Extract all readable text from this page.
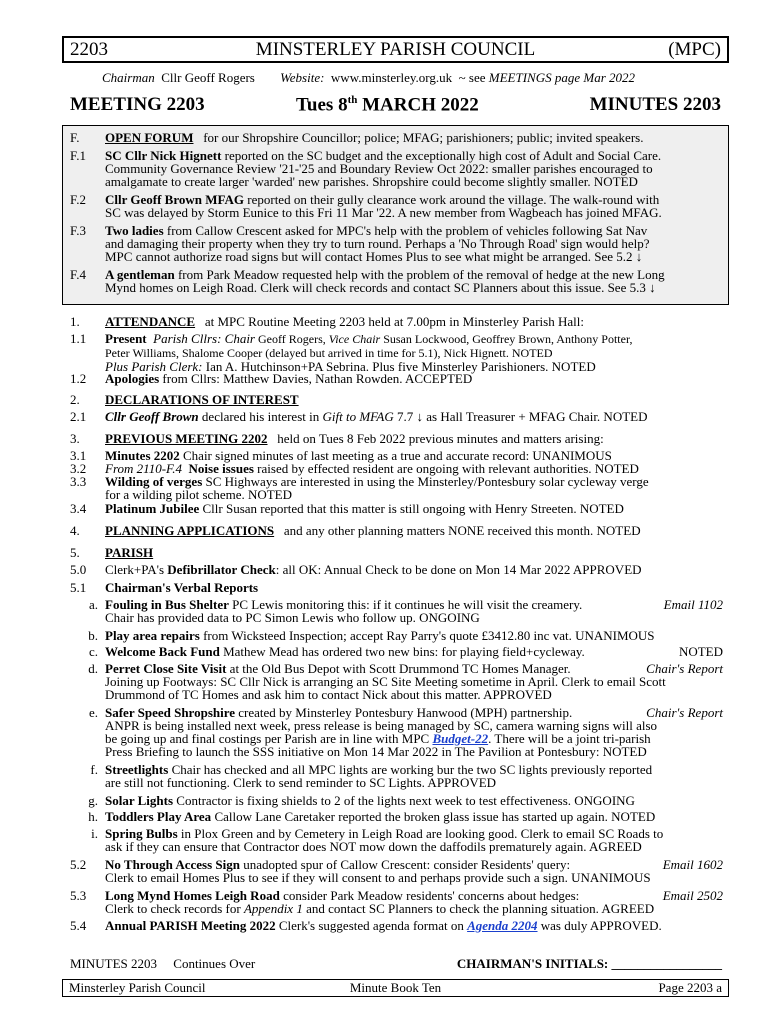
2203	MINSTERLEY PARISH COUNCIL	(MPC)
Chairman Cllr Geoff Rogers Website: www.minsterley.org.uk ~ see MEETINGS page Mar 2022
MEETING 2203	Tues 8th MARCH 2022	MINUTES 2203
F.	OPEN FORUM for our Shropshire Councillor; police; MFAG; parishioners; public; invited speakers.
F.1	SC Cllr Nick Hignett reported on the SC budget and the exceptionally high cost of Adult and Social Care.
Community Governance Review '21-'25 and Boundary Review Oct 2022: smaller parishes encouraged to
amalgamate to create larger 'warded' new parishes. Shropshire could become slightly smaller. NOTED
F.2	Cllr Geoff Brown MFAG reported on their gully clearance work around the village. The walk-round with
SC was delayed by Storm Eunice to this Fri 11 Mar '22. A new member from Wagbeach has joined MFAG.
F.3	Two ladies from Callow Crescent asked for MPC's help with the problem of vehicles following Sat Nav
and damaging their property when they try to turn round. Perhaps a 'No Through Road' sign would help?
MPC cannot authorize road signs but will contact Homes Plus to see what might be arranged. See 5.2 ↓
F.4	A gentleman from Park Meadow requested help with the problem of the removal of hedge at the new Long
Mynd homes on Leigh Road. Clerk will check records and contact SC Planners about this issue. See 5.3 ↓
1.	ATTENDANCE at MPC Routine Meeting 2203 held at 7.00pm in Minsterley Parish Hall:
1.1	Present Parish Cllrs: Chair Geoff Rogers, Vice Chair Susan Lockwood, Geoffrey Brown, Anthony Potter,
Peter Williams, Shalome Cooper (delayed but arrived in time for 5.1), Nick Hignett. NOTED
Plus Parish Clerk: Ian A. Hutchinson+PA Sebrina. Plus five Minsterley Parishioners. NOTED
1.2	Apologies from Cllrs: Matthew Davies, Nathan Rowden. ACCEPTED
2.	DECLARATIONS OF INTEREST
2.1	Cllr Geoff Brown declared his interest in Gift to MFAG 7.7 ↓ as Hall Treasurer + MFAG Chair. NOTED
3.	PREVIOUS MEETING 2202 held on Tues 8 Feb 2022 previous minutes and matters arising:
3.1	Minutes 2202 Chair signed minutes of last meeting as a true and accurate record: UNANIMOUS
3.2	From 2110-F.4 Noise issues raised by effected resident are ongoing with relevant authorities. NOTED
3.3	Wilding of verges SC Highways are interested in using the Minsterley/Pontesbury solar cycleway verge
for a wilding pilot scheme. NOTED
3.4	Platinum Jubilee Cllr Susan reported that this matter is still ongoing with Henry Streeten. NOTED
4.	PLANNING APPLICATIONS and any other planning matters NONE received this month. NOTED
5.	PARISH
5.0	Clerk+PA's Defibrillator Check: all OK: Annual Check to be done on Mon 14 Mar 2022 APPROVED
5.1	Chairman's Verbal Reports
a. Fouling in Bus Shelter PC Lewis monitoring this: if it continues he will visit the creamery.	Email 1102

Chair has provided data to PC Simon Lewis who follow up. ONGOING
b. Play area repairs from Wicksteed Inspection; accept Ray Parry's quote £3412.80 inc vat. UNANIMOUS
c. Welcome Back Fund Mathew Mead has ordered two new bins: for playing field+cycleway.	NOTED
d. Perret Close Site Visit at the Old Bus Depot with Scott Drummond TC Homes Manager.	Chair's Report

Joining up Footways: SC Cllr Nick is arranging an SC Site Meeting sometime in April. Clerk to email Scott
Drummond of TC Homes and ask him to contact Nick about this matter. APPROVED
e. Safer Speed Shropshire created by Minsterley Pontesbury Hanwood (MPH) partnership.	Chair's Report

ANPR is being installed next week, press release is being managed by SC, camera warning signs will also
be going up and final costings per Parish are in line with MPC Budget-22. There will be a joint tri-parish
Press Briefing to launch the SSS initiative on Mon 14 Mar 2022 in The Pavilion at Pontesbury: NOTED
f. Streetlights Chair has checked and all MPC lights are working bur the two SC lights previously reported
are still not functioning. Clerk to send reminder to SC Lights. APPROVED
g. Solar Lights Contractor is fixing shields to 2 of the lights next week to test effectiveness. ONGOING
h. Toddlers Play Area Callow Lane Caretaker reported the broken glass issue has started up again. NOTED
i. Spring Bulbs in Plox Green and by Cemetery in Leigh Road are looking good. Clerk to email SC Roads to
ask if they can ensure that Contractor does NOT mow down the daffodils prematurely again. AGREED
5.2	No Through Access Sign unadopted spur of Callow Crescent: consider Residents' query:	Email 1602

Clerk to email Homes Plus to see if they will consent to and perhaps provide such a sign. UNANIMOUS
5.3	Long Mynd Homes Leigh Road consider Park Meadow residents' concerns about hedges:	Email 2502

Clerk to check records for Appendix 1 and contact SC Planners to check the planning situation. AGREED
5.4	Annual PARISH Meeting 2022 Clerk's suggested agenda format on Agenda 2204 was duly APPROVED.
MINUTES 2203     Continues Over	CHAIRMAN'S INITIALS: _________________
Minsterley Parish Council	Minute Book Ten	Page 2203 a
